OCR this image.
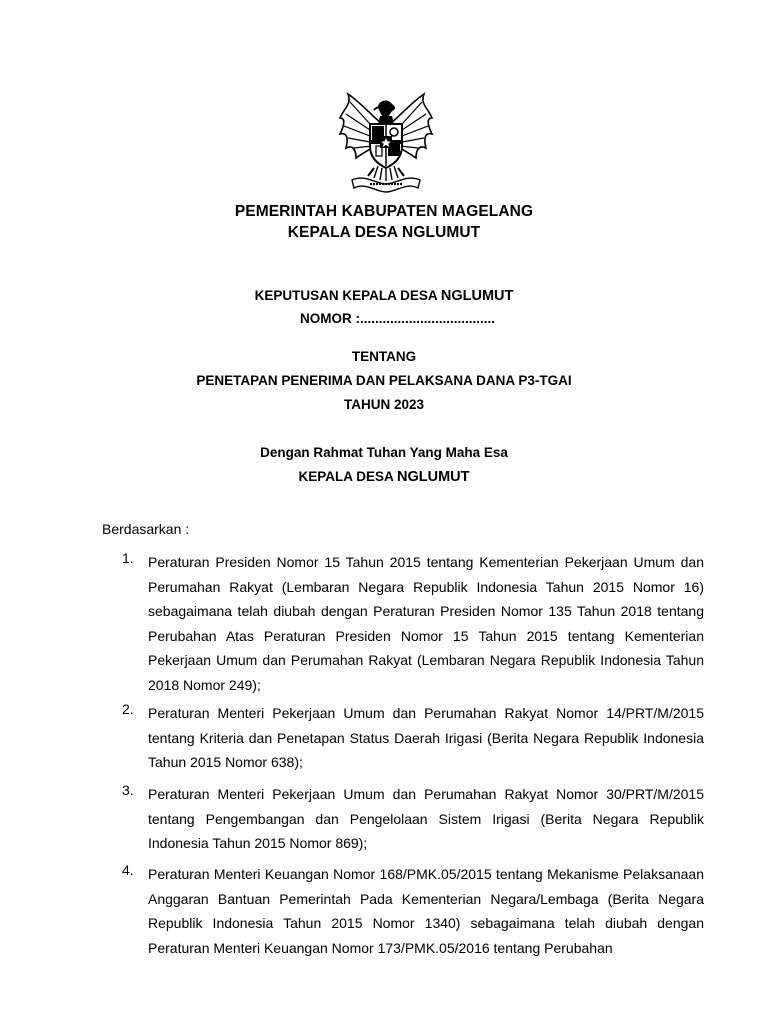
PEMERINTAH KABUPATEN MAGELANG
KEPALA DESA NGLUMUT
KEPUTUSAN KEPALA DESA NGLUMUT
NOMOR :....................................
TENTANG
PENETAPAN PENERIMA DAN PELAKSANA DANA P3-TGAI
TAHUN 2023
Dengan Rahmat Tuhan Yang Maha Esa
KEPALA DESA NGLUMUT
Berdasarkan :
1.	Peraturan Presiden Nomor 15 Tahun 2015 tentang Kementerian Pekerjaan Umum dan Perumahan Rakyat (Lembaran Negara Republik Indonesia Tahun 2015 Nomor 16) sebagaimana telah diubah dengan Peraturan Presiden Nomor 135 Tahun 2018 tentang Perubahan Atas Peraturan Presiden Nomor 15 Tahun 2015 tentang Kementerian Pekerjaan Umum dan Perumahan Rakyat (Lembaran Negara Republik Indonesia Tahun 2018 Nomor 249);
2.	Peraturan Menteri Pekerjaan Umum dan Perumahan Rakyat Nomor 14/PRT/M/2015 tentang Kriteria dan Penetapan Status Daerah Irigasi (Berita Negara Republik Indonesia Tahun 2015 Nomor 638);
3.	Peraturan Menteri Pekerjaan Umum dan Perumahan Rakyat Nomor 30/PRT/M/2015 tentang Pengembangan dan Pengelolaan Sistem Irigasi (Berita Negara Republik Indonesia Tahun 2015 Nomor 869);
4.	Peraturan Menteri Keuangan Nomor 168/PMK.05/2015 tentang Mekanisme Pelaksanaan Anggaran Bantuan Pemerintah Pada Kementerian Negara/Lembaga (Berita Negara Republik Indonesia Tahun 2015 Nomor 1340) sebagaimana telah diubah dengan Peraturan Menteri Keuangan Nomor 173/PMK.05/2016 tentang Perubahan
